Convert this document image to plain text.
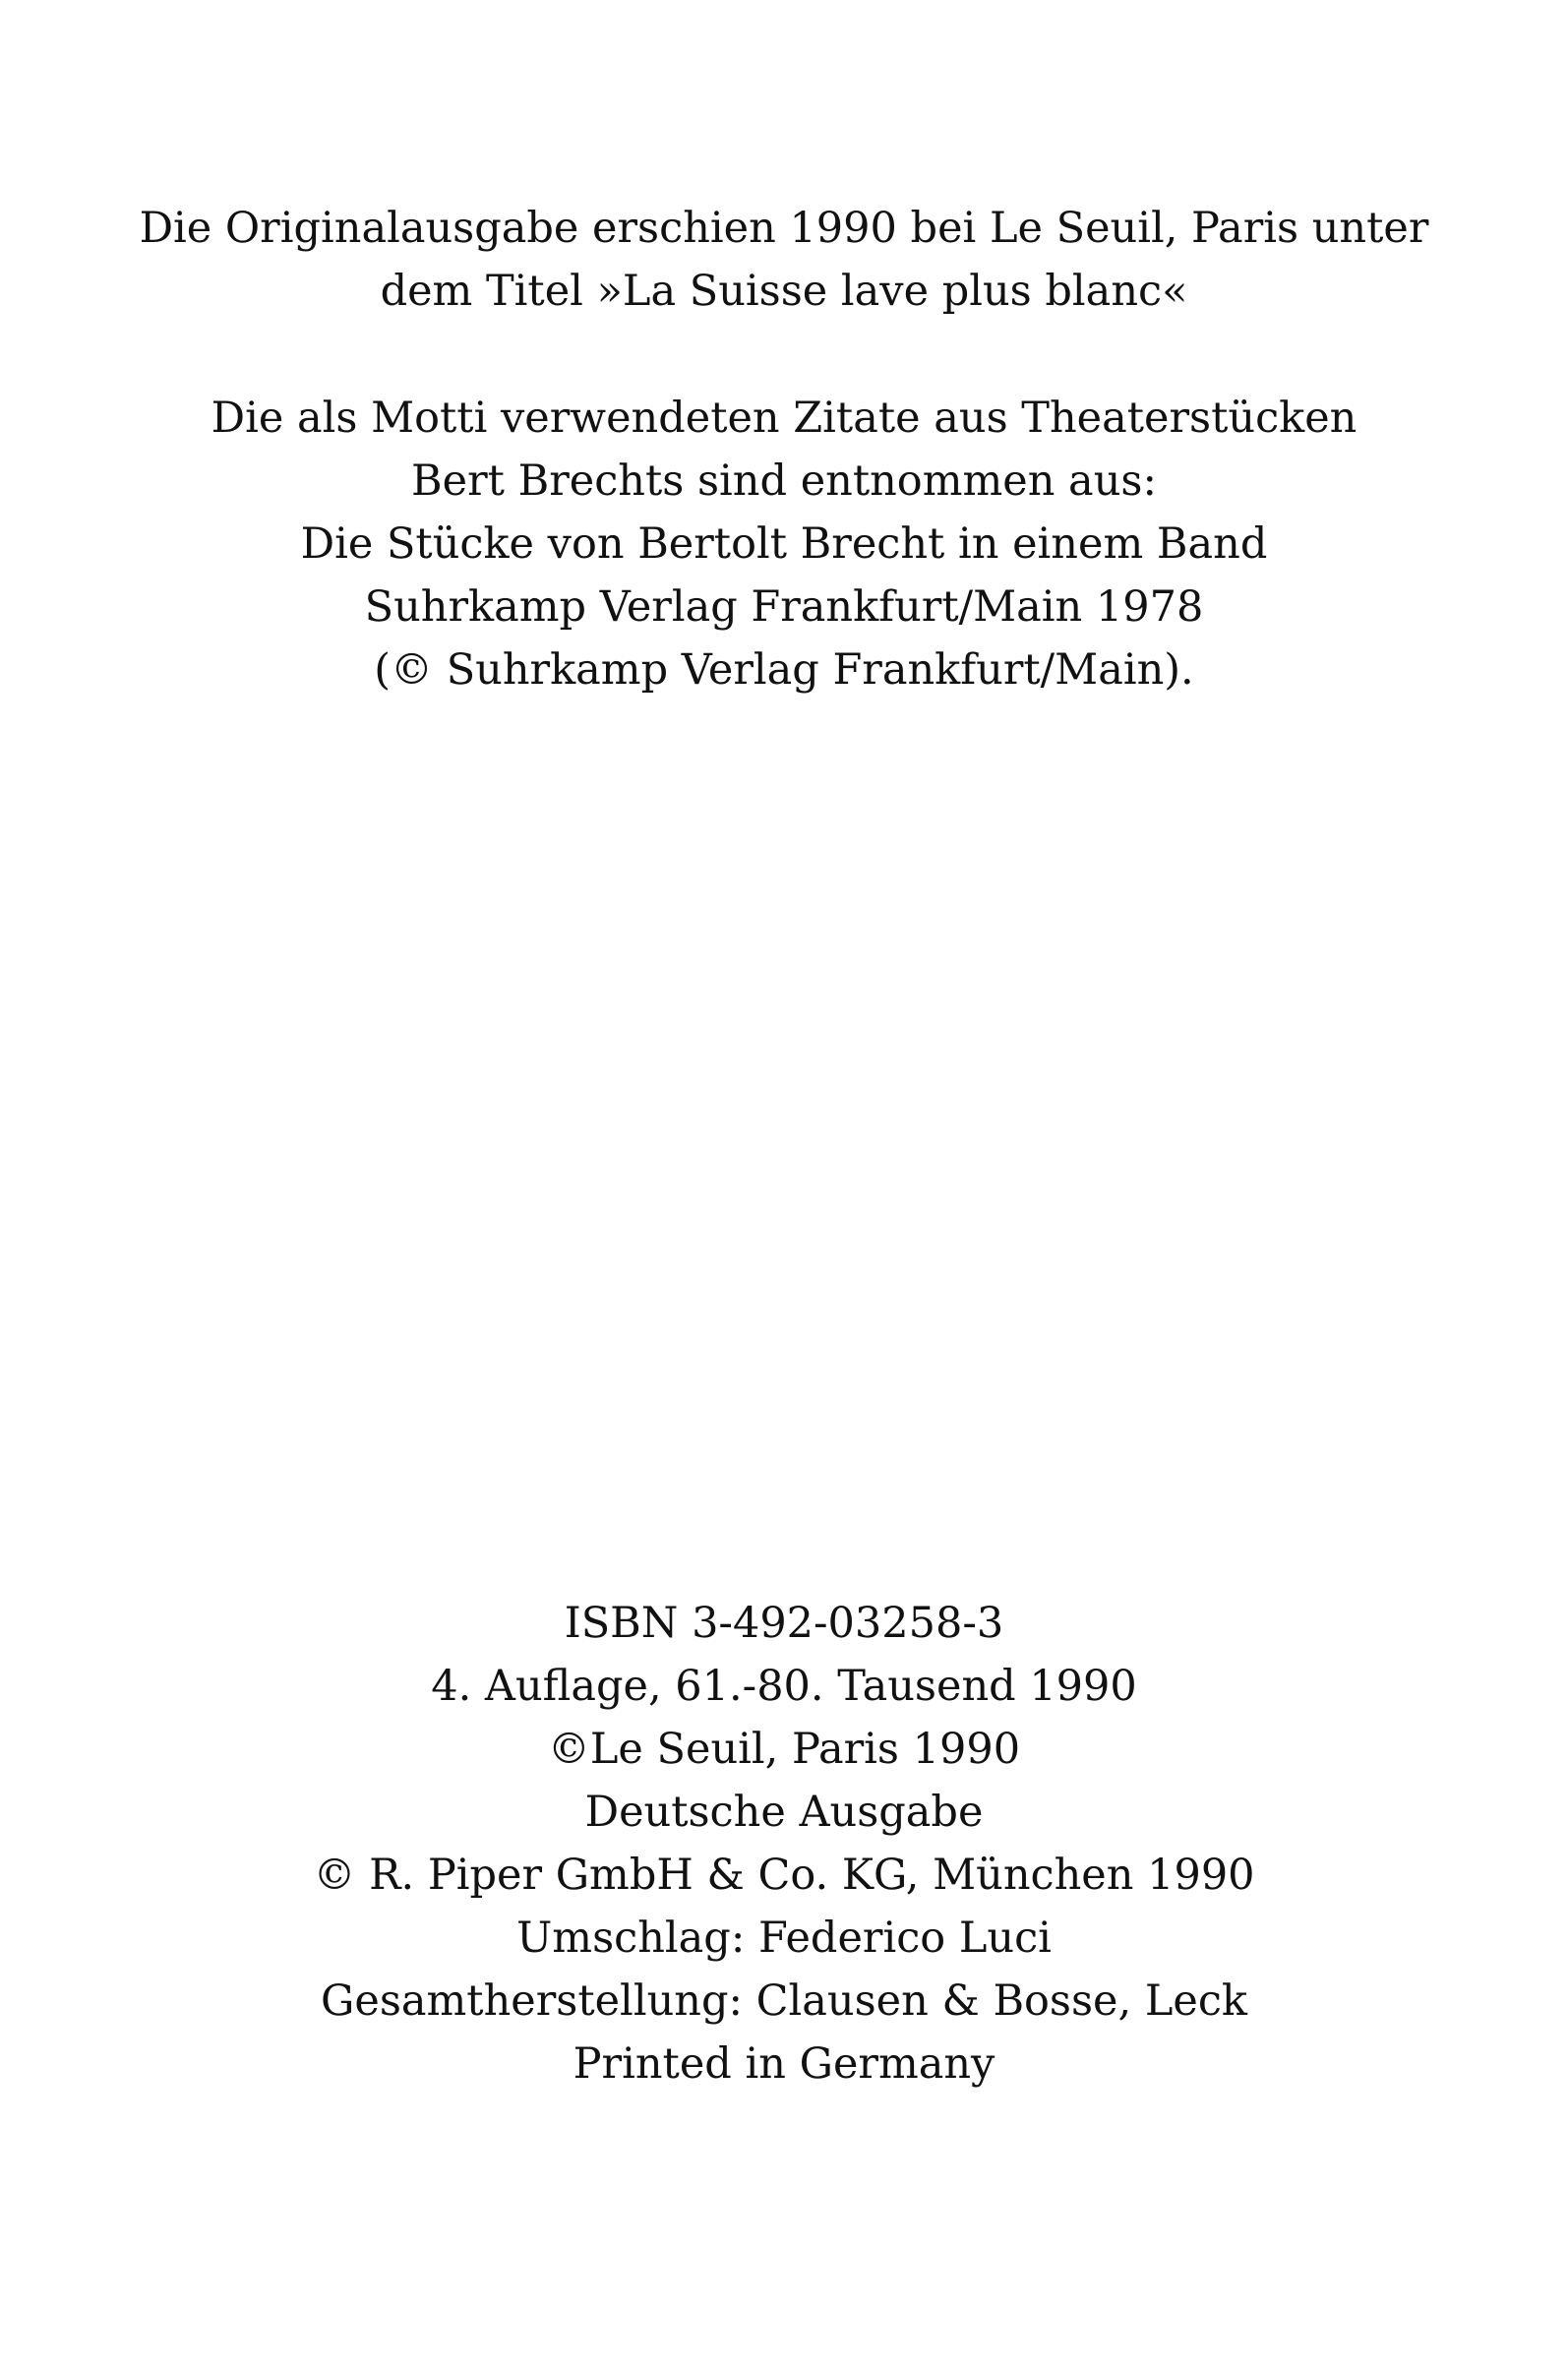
Die Originalausgabe erschien 1990 bei Le Seuil, Paris unter

dem Titel »La Suisse lave plus blanc«

Die als Motti verwendeten Zitate aus Theaterstücken

Bert Brechts sind entnommen aus:

Die Stücke von Bertolt Brecht in einem Band

Suhrkamp Verlag Frankfurt/Main 1978

(© Suhrkamp Verlag Frankfurt/Main).

ISBN 3-492-03258-3

4. Auflage, 61.-80. Tausend 1990

©Le Seuil, Paris 1990

Deutsche Ausgabe

© R. Piper GmbH & Co. KG, München 1990

Umschlag: Federico Luci

Gesamtherstellung: Clausen & Bosse, Leck

Printed in Germany
